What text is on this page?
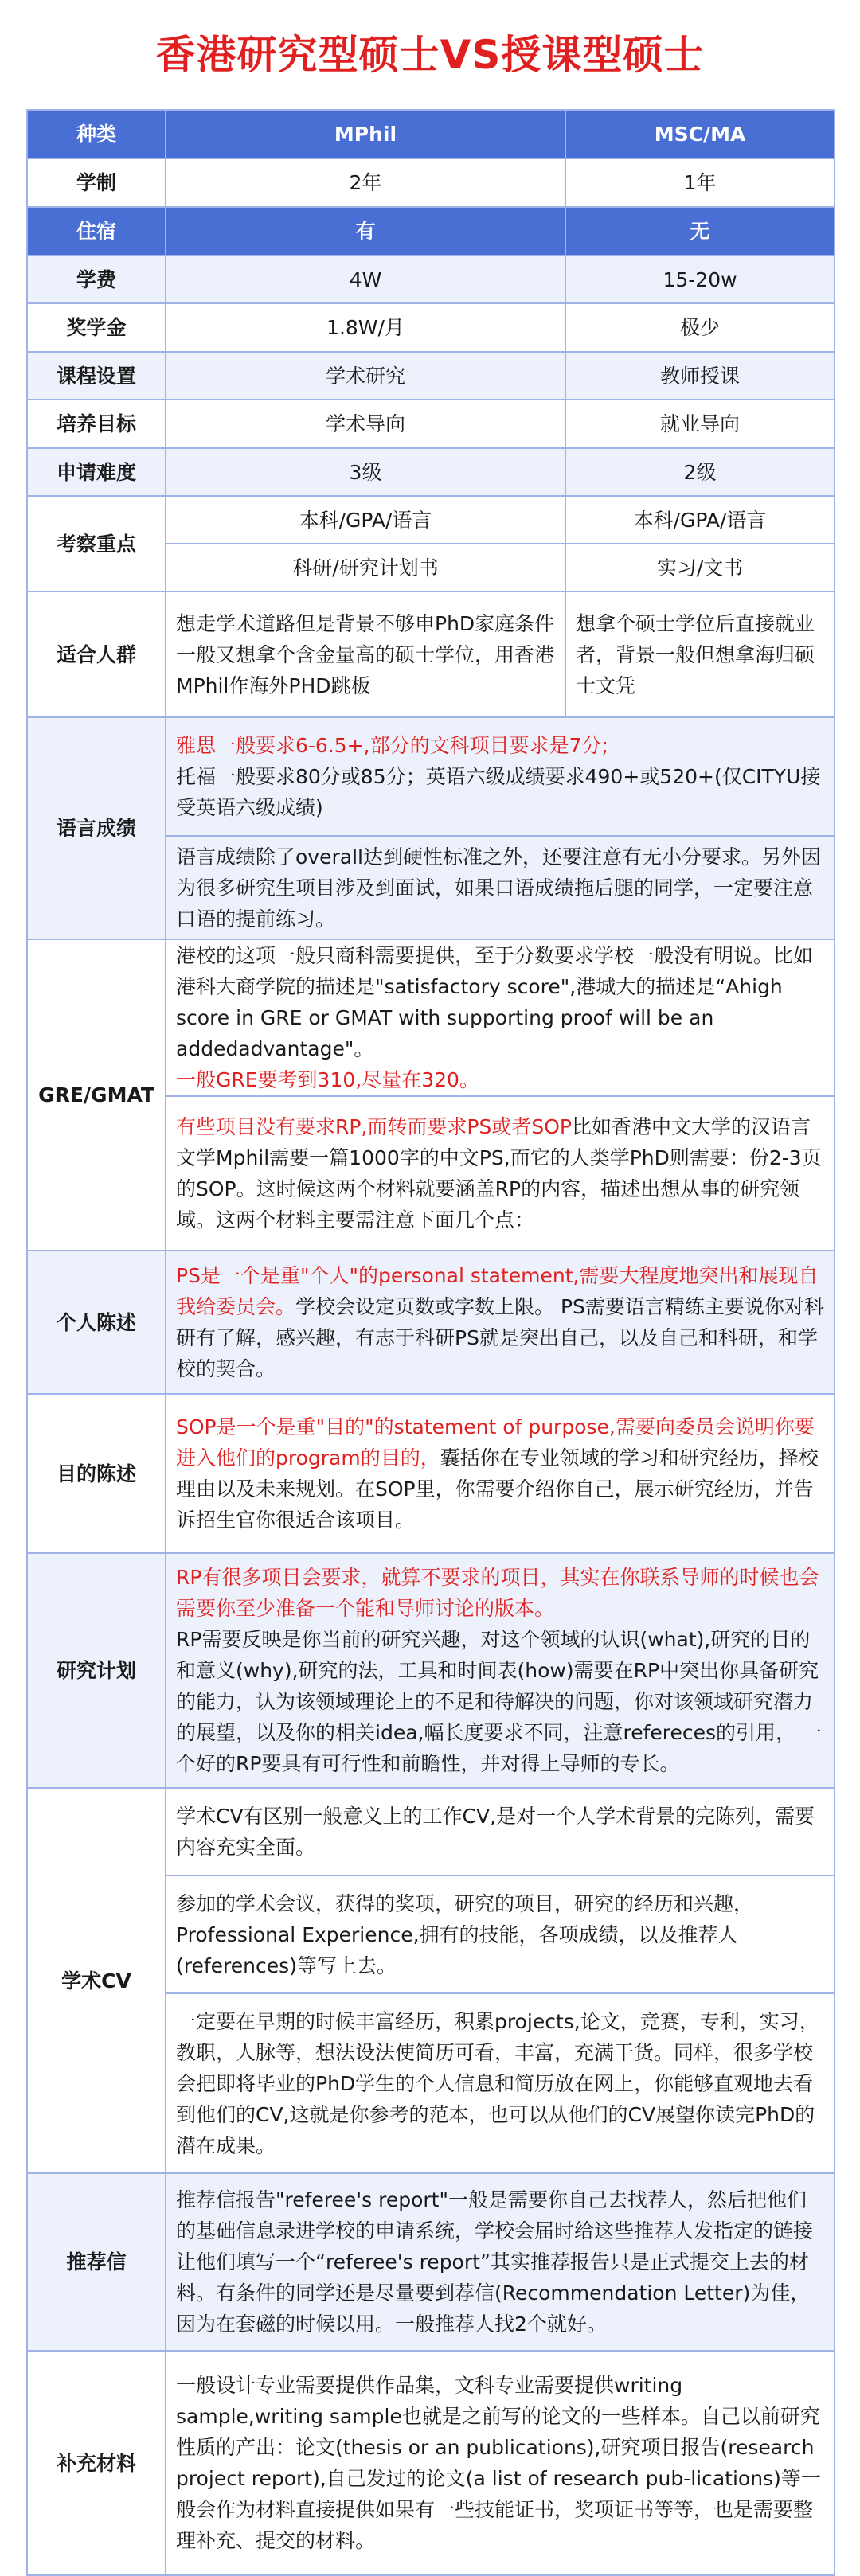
香港研究型硕士VS授课型硕士
种类	MPhil	MSC/MA
学制	2年	1年
住宿	有	无
学费	4W	15-20w
奖学金	1.8W/月	极少
课程设置	学术研究	教师授课
培养目标	学术导向	就业导向
申请难度	3级	2级
考察重点	本科/GPA/语言	本科/GPA/语言
	科研/研究计划书	实习/文书
适合人群	想走学术道路但是背景不够申PhD家庭条件一般又想拿个含金量高的硕士学位，用香港MPhil作海外PHD跳板	想拿个硕士学位后直接就业者，背景一般但想拿海归硕士文凭
语言成绩	雅思一般要求6-6.5+,部分的文科项目要求是7分;
托福一般要求80分或85分；英语六级成绩要求490+或520+(仅CITYU接受英语六级成绩)	
	语言成绩除了overall达到硬性标准之外，还要注意有无小分要求。另外因为很多研究生项目涉及到面试，如果口语成绩拖后腿的同学，一定要注意口语的提前练习。	
GRE/GMAT	港校的这项一般只商科需要提供，至于分数要求学校一般没有明说。比如港科大商学院的描述是"satisfactory score",港城大的描述是“Ahigh score in GRE or GMAT with supporting proof will be an addedadvantage"。
一般GRE要考到310,尽量在320。	
	有些项目没有要求RP,而转而要求PS或者SOP比如香港中文大学的汉语言文学Mphil需要一篇1000字的中文PS,而它的人类学PhD则需要：份2-3页的SOP。这时候这两个材料就要涵盖RP的内容，描述出想从事的研究领域。这两个材料主要需注意下面几个点：	
个人陈述	PS是一个是重"个人"的personal statement,需要大程度地突出和展现自我给委员会。学校会设定页数或字数上限。 PS需要语言精练主要说你对科研有了解，感兴趣，有志于科研PS就是突出自己，以及自己和科研，和学校的契合。	
目的陈述	SOP是一个是重"目的"的statement of purpose,需要向委员会说明你要进入他们的program的目的，囊括你在专业领域的学习和研究经历，择校理由以及未来规划。在SOP里，你需要介绍你自己，展示研究经历，并告诉招生官你很适合该项目。	
研究计划	RP有很多项目会要求，就算不要求的项目，其实在你联系导师的时候也会需要你至少准备一个能和导师讨论的版本。
RP需要反映是你当前的研究兴趣，对这个领域的认识(what),研究的目的和意义(why),研究的法，工具和时间表(how)需要在RP中突出你具备研究的能力，认为该领域理论上的不足和待解决的问题，你对该领域研究潜力的展望，以及你的相关idea,幅长度要求不同，注意refereces的引用， 一个好的RP要具有可行性和前瞻性，并对得上导师的专长。	
学术CV	学术CV有区别一般意义上的工作CV,是对一个人学术背景的完陈列，需要内容充实全面。	
	参加的学术会议，获得的奖项，研究的项目，研究的经历和兴趣，Professional Experience,拥有的技能，各项成绩，以及推荐人(references)等写上去。	
	一定要在早期的时候丰富经历，积累projects,论文，竞赛，专利，实习，教职，人脉等，想法设法使简历可看，丰富，充满干货。同样，很多学校会把即将毕业的PhD学生的个人信息和简历放在网上，你能够直观地去看到他们的CV,这就是你参考的范本，也可以从他们的CV展望你读完PhD的潜在成果。	
推荐信	推荐信报告"referee's report"一般是需要你自己去找荐人，然后把他们的基础信息录进学校的申请系统，学校会届时给这些推荐人发指定的链接让他们填写一个“referee's report”其实推荐报告只是正式提交上去的材料。有条件的同学还是尽量要到荐信(Recommendation Letter)为佳，因为在套磁的时候以用。一般推荐人找2个就好。	
补充材料	一般设计专业需要提供作品集，文科专业需要提供writing sample,writing sample也就是之前写的论文的一些样本。自己以前研究性质的产出：论文(thesis or an publications),研究项目报告(research project report),自己发过的论文(a list of research pub-lications)等一般会作为材料直接提供如果有一些技能证书，奖项证书等等，也是需要整理补充、提交的材料。	
